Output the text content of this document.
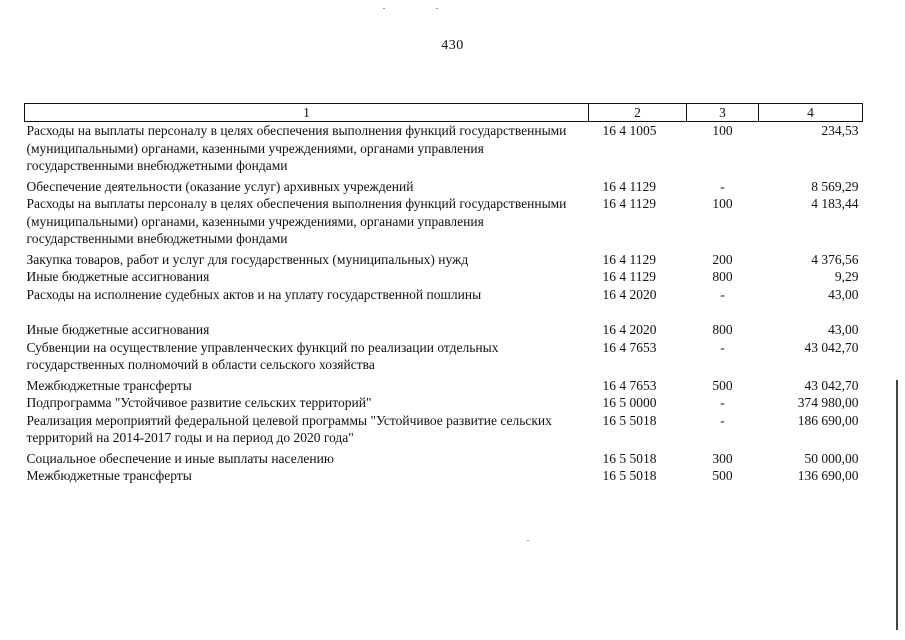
430
1	2	3	4
Расходы на выплаты персоналу в целях обеспечения выполнения функций государственными (муниципальными) органами, казенными учреждениями, органами управления государственными внебюджетными фондами	16 4 1005	100	234,53
Обеспечение деятельности (оказание услуг) архивных учреждений	16 4 1129	-	8 569,29
Расходы на выплаты персоналу в целях обеспечения выполнения функций государственными (муниципальными) органами, казенными учреждениями, органами управления государственными внебюджетными фондами	16 4 1129	100	4 183,44
Закупка товаров, работ и услуг для государственных (муниципальных) нужд	16 4 1129	200	4 376,56
Иные бюджетные ассигнования	16 4 1129	800	9,29
Расходы на исполнение судебных актов и на уплату государственной пошлины	16 4 2020	-	43,00
Иные бюджетные ассигнования	16 4 2020	800	43,00
Субвенции на осуществление управленческих функций по реализации отдельных государственных полномочий в области сельского хозяйства	16 4 7653	-	43 042,70
Межбюджетные трансферты	16 4 7653	500	43 042,70
Подпрограмма "Устойчивое развитие сельских территорий"	16 5 0000	-	374 980,00
Реализация мероприятий федеральной целевой программы "Устойчивое развитие сельских территорий на 2014-2017 годы и на период до 2020 года"	16 5 5018	-	186 690,00
Социальное обеспечение и иные выплаты населению	16 5 5018	300	50 000,00
Межбюджетные трансферты	16 5 5018	500	136 690,00
